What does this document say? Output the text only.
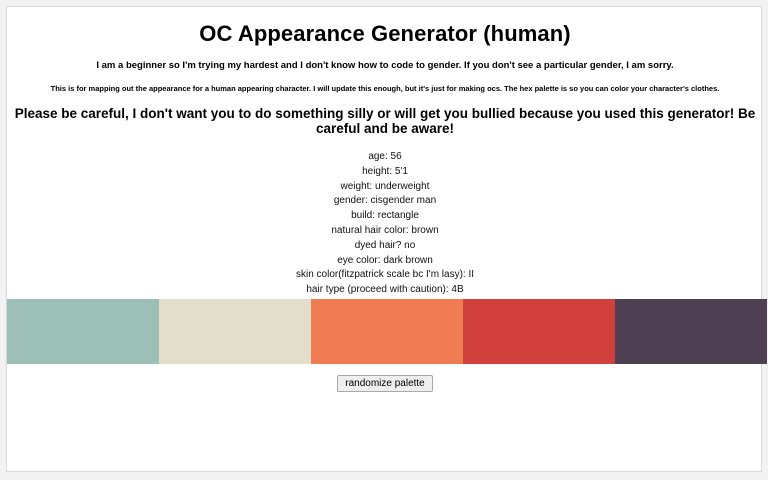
OC Appearance Generator (human)

I am a beginner so I'm trying my hardest and I don't know how to code to gender. If you don't see a particular gender, I am sorry.

This is for mapping out the appearance for a human appearing character. I will update this enough, but it's just for making ocs. The hex palette is so you can color your character's clothes.

Please be careful, I don't want you to do something silly or will get you bullied because you used this generator! Be careful and be aware!

age: 56
height: 5'1
weight: underweight
gender: cisgender man
build: rectangle
natural hair color: brown
dyed hair? no
eye color: dark brown
skin color(fitzpatrick scale bc I'm lasy): II
hair type (proceed with caution): 4B
randomize palette
